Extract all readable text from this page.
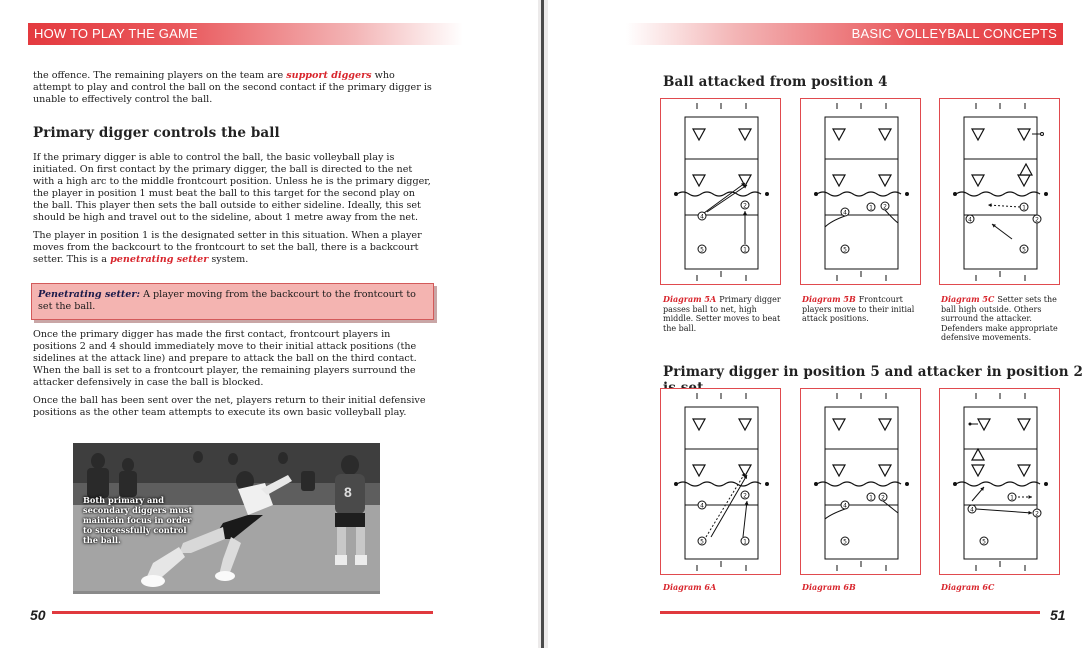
HOW TO PLAY THE GAME

the offence. The remaining players on the team are support diggers who attempt to play and control the ball on the second contact if the primary digger is unable to effectively control the ball.

Primary digger controls the ball

If the primary digger is able to control the ball, the basic volleyball play is initiated. On first contact by the primary digger, the ball is directed to the net with a high arc to the middle frontcourt position. Unless he is the primary digger, the player in position 1 must beat the ball to this target for the second play on the ball. This player then sets the ball outside to either sideline. Ideally, this set should be high and travel out to the sideline, about 1 metre away from the net.

The player in position 1 is the designated setter in this situation. When a player moves from the backcourt to the frontcourt to set the ball, there is a backcourt setter. This is a penetrating setter system.

Penetrating setter: A player moving from the backcourt to the frontcourt to set the ball.

Once the primary digger has made the first contact, frontcourt players in positions 2 and 4 should immediately move to their initial attack positions (the sidelines at the attack line) and prepare to attack the ball on the third contact. When the ball is set to a frontcourt player, the remaining players surround the attacker defensively in case the ball is blocked.

Once the ball has been sent over the net, players return to their initial defensive positions as the other team attempts to execute its own basic volleyball play.

8
Both primary and secondary diggers must maintain focus in order to successfully control the ball.
50
BASIC VOLLEYBALL CONCEPTS
Ball attacked from position 4
2
4
1
5
4
1 2
5
4
1
2
5
Diagram 5A Primary digger passes ball to net, high middle. Setter moves to beat the ball.
Diagram 5B Frontcourt players move to their initial attack positions.
Diagram 5C Setter sets the ball high outside. Others surround the attacker. Defenders make appropriate defensive movements.
Primary digger in position 5 and attacker in position 2
2
4
1
5
4
1 2
5
4
1
2
5
Diagram 6A	Diagram 6B	Diagram 6C
51
